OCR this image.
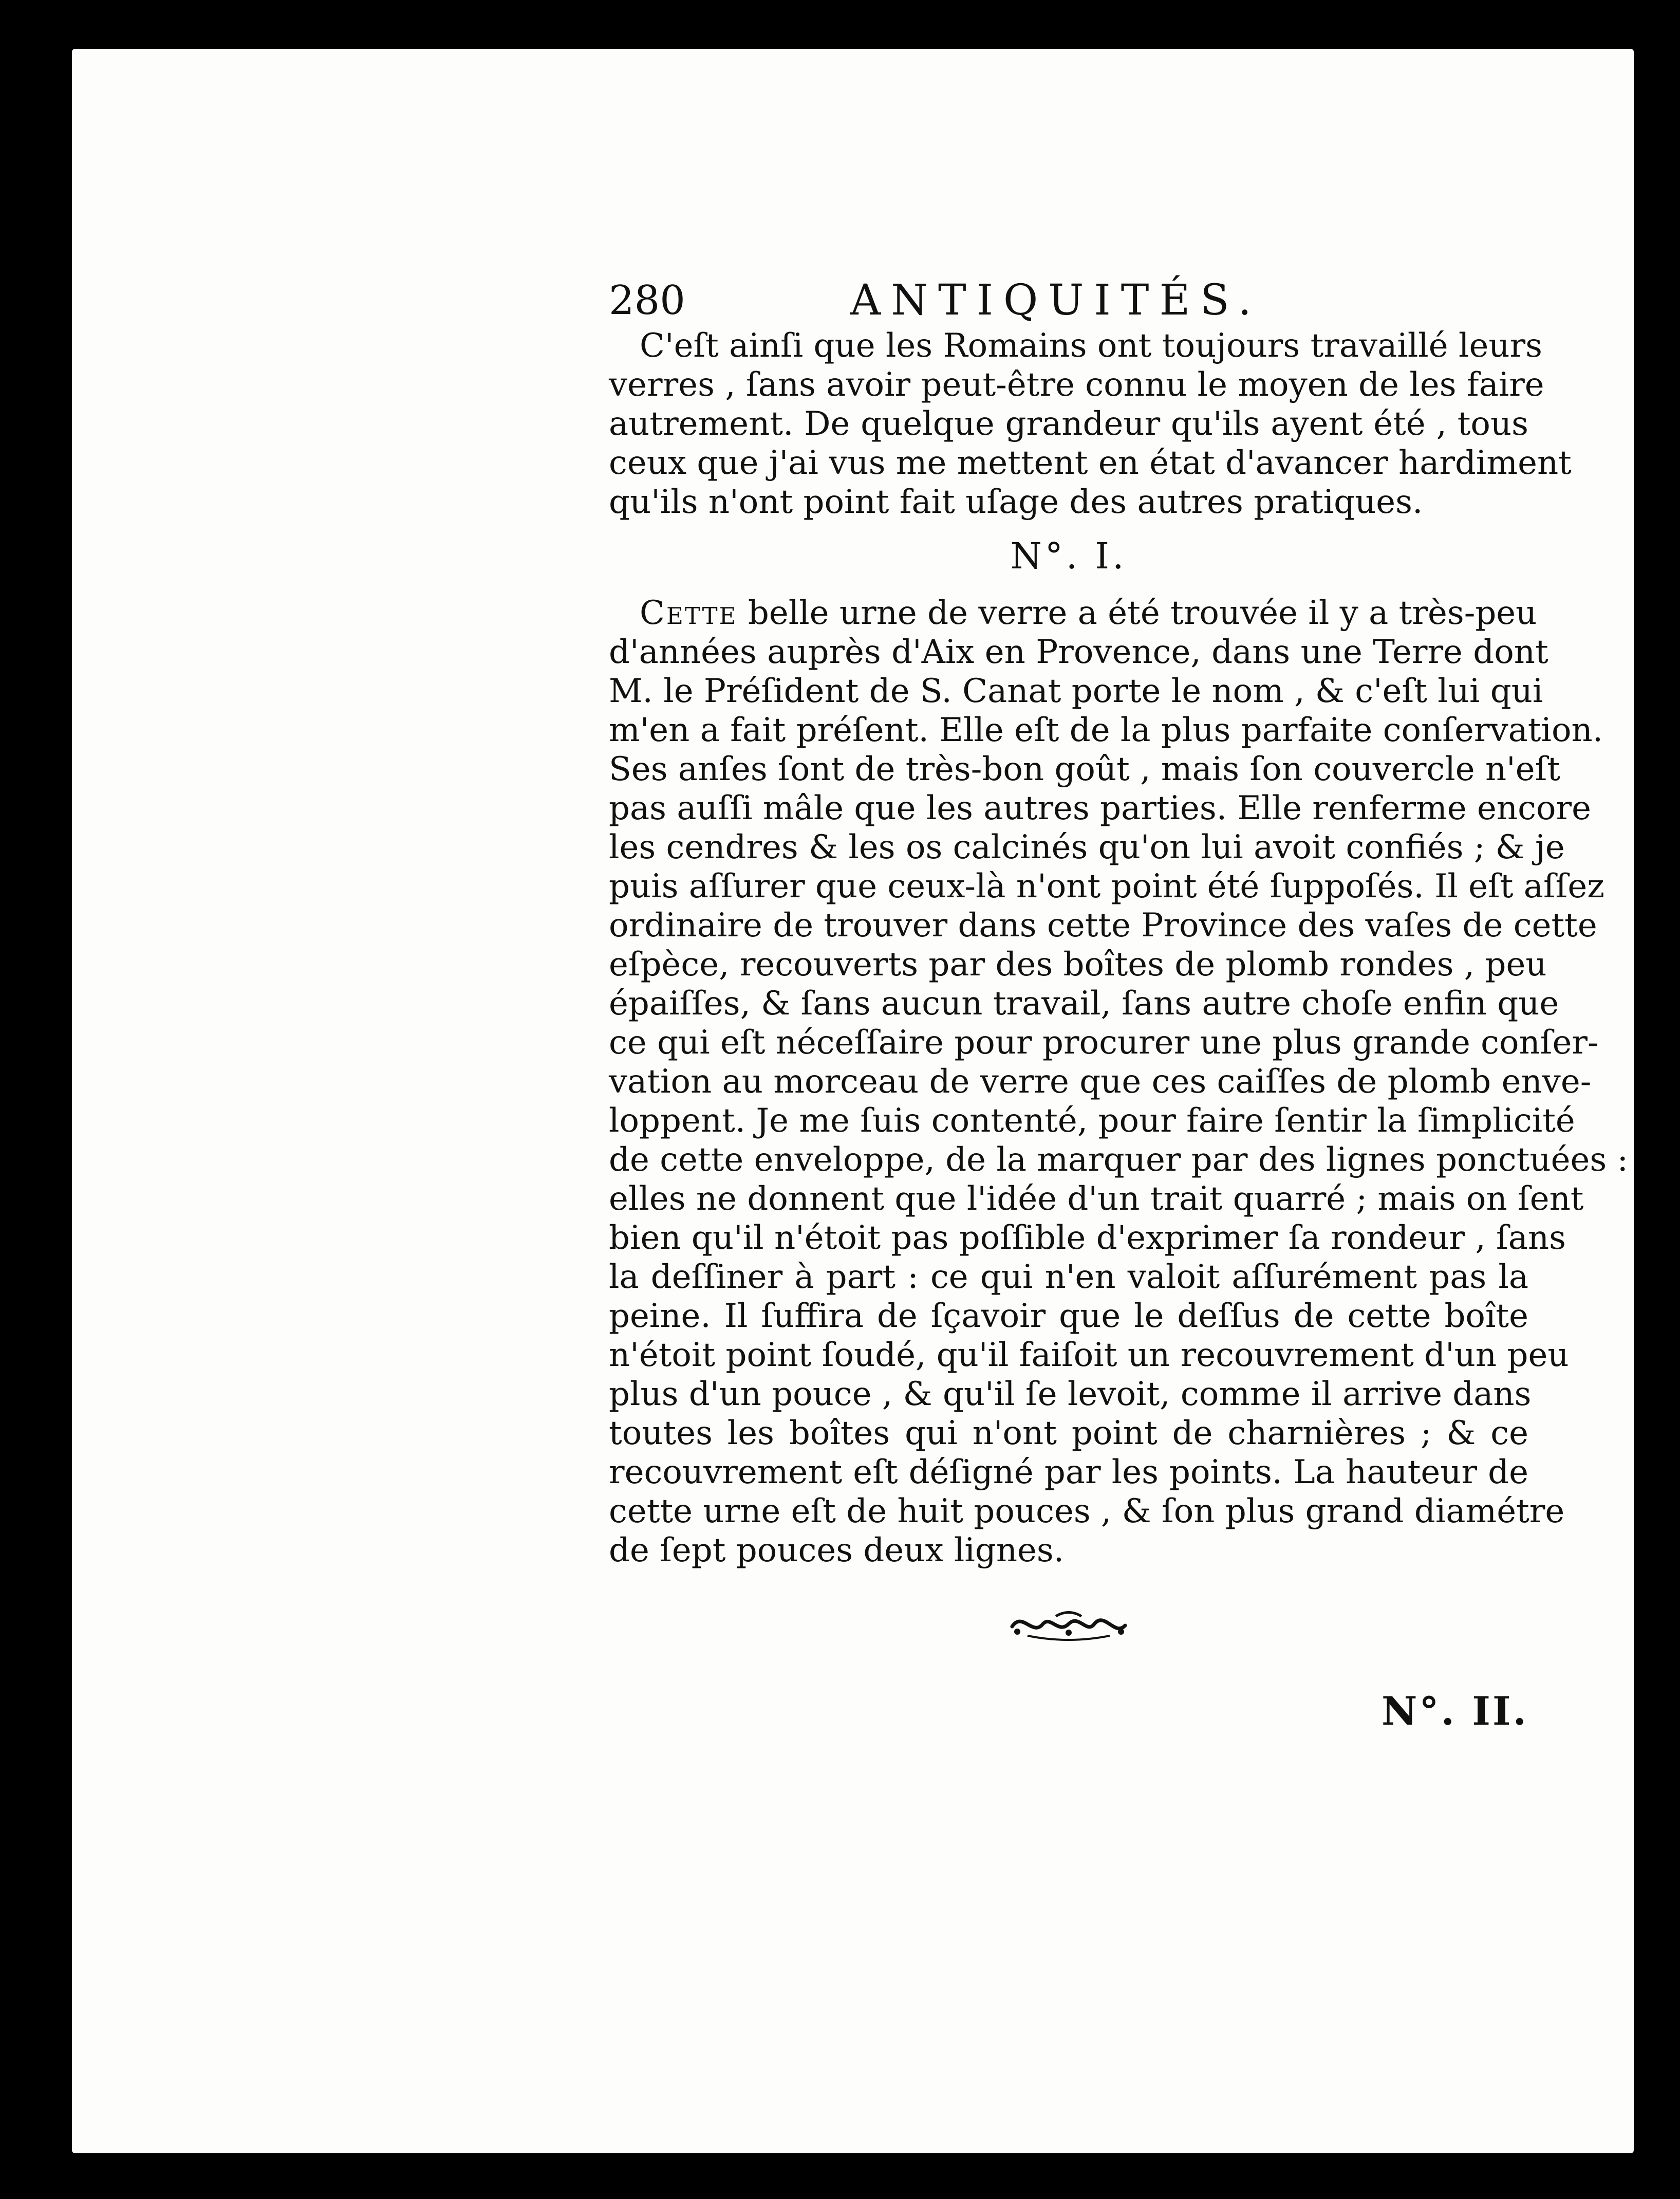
280	ANTIQUITÉS.

C'eſt ainſi que les Romains ont toujours travaillé leurs
verres , ſans avoir peut-être connu le moyen de les faire
autrement. De quelque grandeur qu'ils ayent été , tous
ceux que j'ai vus me mettent en état d'avancer hardiment
qu'ils n'ont point fait uſage des autres pratiques.

N°. I.

Cette belle urne de verre a été trouvée il y a très-peu
d'années auprès d'Aix en Provence, dans une Terre dont
M. le Préſident de S. Canat porte le nom , & c'eſt lui qui
m'en a fait préſent. Elle eſt de la plus parfaite conſervation.
Ses anſes ſont de très-bon goût , mais ſon couvercle n'eſt
pas auſſi mâle que les autres parties. Elle renferme encore
les cendres & les os calcinés qu'on lui avoit confiés ; & je
puis aſſurer que ceux-là n'ont point été ſuppoſés. Il eſt aſſez
ordinaire de trouver dans cette Province des vaſes de cette
eſpèce, recouverts par des boîtes de plomb rondes , peu
épaiſſes, & ſans aucun travail, ſans autre choſe enfin que
ce qui eſt néceſſaire pour procurer une plus grande conſer-
vation au morceau de verre que ces caiſſes de plomb enve-
loppent. Je me ſuis contenté, pour faire ſentir la ſimplicité
de cette enveloppe, de la marquer par des lignes ponctuées :
elles ne donnent que l'idée d'un trait quarré ; mais on ſent
bien qu'il n'étoit pas poſſible d'exprimer ſa rondeur , ſans
la deſſiner à part : ce qui n'en valoit aſſurément pas la
peine. Il ſuffira de ſçavoir que le deſſus de cette boîte
n'étoit point ſoudé, qu'il faiſoit un recouvrement d'un peu
plus d'un pouce , & qu'il ſe levoit, comme il arrive dans
toutes les boîtes qui n'ont point de charnières ; & ce
recouvrement eſt déſigné par les points. La hauteur de
cette urne eſt de huit pouces , & ſon plus grand diamétre
de ſept pouces deux lignes.

N°. II.
